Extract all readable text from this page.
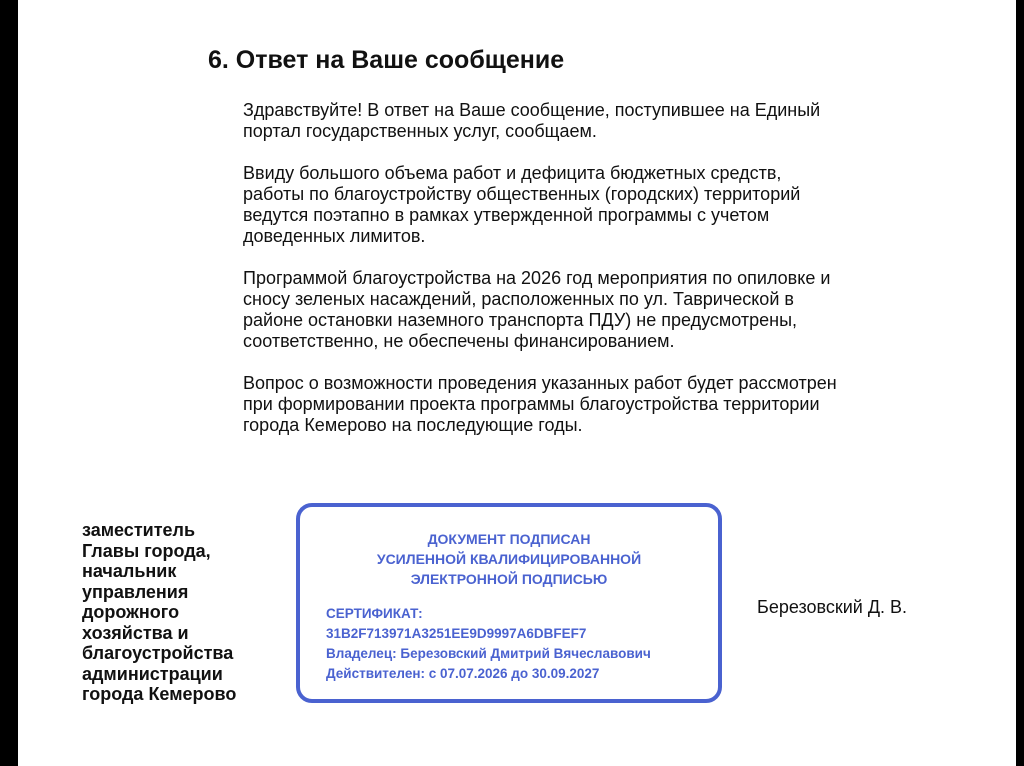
6. Ответ на Ваше сообщение

Здравствуйте! В ответ на Ваше сообщение, поступившее на Единый
портал государственных услуг, сообщаем.

Ввиду большого объема работ и дефицита бюджетных средств,
работы по благоустройству общественных (городских) территорий
ведутся поэтапно в рамках утвержденной программы с учетом
доведенных лимитов.

Программой благоустройства на 2026 год мероприятия по опиловке и
сносу зеленых насаждений, расположенных по ул. Таврической в
районе остановки наземного транспорта ПДУ) не предусмотрены,
соответственно, не обеспечены финансированием.

Вопрос о возможности проведения указанных работ будет рассмотрен
при формировании проекта программы благоустройства территории
города Кемерово на последующие годы.

заместитель
Главы города,
начальник
управления
дорожного
хозяйства и
благоустройства
администрации
города Кемерово
ДОКУМЕНТ ПОДПИСАН
УСИЛЕННОЙ КВАЛИФИЦИРОВАННОЙ
ЭЛЕКТРОННОЙ ПОДПИСЬЮ
СЕРТИФИКАТ:
31B2F713971A3251EE9D9997A6DBFEF7
Владелец: Березовский Дмитрий Вячеславович
Действителен: с 07.07.2026 до 30.09.2027
Березовский Д. В.
